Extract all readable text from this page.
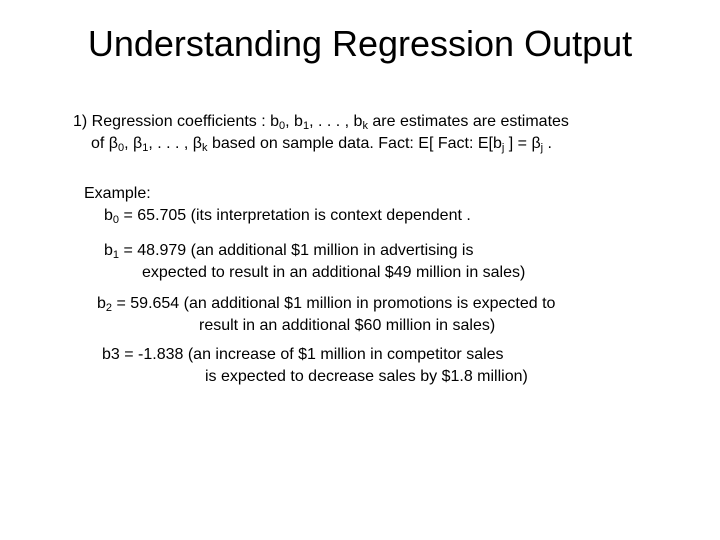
Understanding Regression Output
1) Regression coefficients : $b_0$, $b_1$, . . . , $b_k$ are estimates are estimates
of $\beta_0$, $\beta_1$, . . . , $\beta_k$ based on sample data. Fact: E[ Fact: $E[b_j$ ] = $\beta_j$ .
Example:
$b_0 = 65.705$ (its interpretation is context dependent .
$b_1 = 48.979$ (an additional $1 million in advertising is
expected to result in an additional $49 million in sales)
$b_2 = 59.654$ (an additional $1 million in promotions is expected to
result in an additional $60 million in sales)
b3 = -1.838 (an increase of $1 million in competitor sales
is expected to decrease sales by $1.8 million)
